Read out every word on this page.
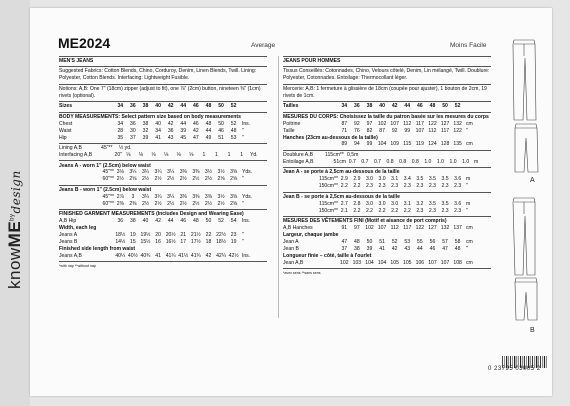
knowME$^{by}$design
ME2024	Average	Moins Facile
MEN'S JEANS
Suggested Fabrics: Cotton Blends, Chino, Corduroy, Denim, Linen Blends, Twill. Lining: Polyester, Cotton Blends. Interfacing: Lightweight Fusible.
Notions: A,B: One 7" (18cm) zipper (adjust to fit), one ⅞" (2cm) button, nineteen ⅜" (1cm) rivets (optional).
Sizes	34	36	38	40	42	44	46	48	50	52
BODY MEASUREMENTS: Select pattern size based on body measurements
Chest	34	36	38	40	42	44	46	48	50	52	Ins.
Waist	28	30	32	34	36	39	42	44	46	48	"
Hip	35	37	39	41	43	45	47	49	51	53	"
Lining A,B	45"**	½ yd.
Interfacing A,B	20" ⅛	⅛	⅛	⅛	⅛	⅛	1	1	1	1	Yd.
Jeans A - worn 1" (2.5cm) below waist
45"** 3⅛	3¼	3¼	3¼	3¼	3⅜	3⅜	3½	3½	3⅝ Yds.
60"** 2½	2⅝	2½	2½	2½	2½	2½	2½	2⅝	2⅝ "
Jeans B - worn 1" (2.5cm) below waist
45"** 2⅞	3	3¼	3¼	3¼	3⅜	3⅜	3⅜	3½	3⅝ Yds.
60"** 2⅜	2⅜	2½	2½	2½	2½	2½	2½	2½	2⅝ "
FINISHED GARMENT MEASUREMENTS (Includes Design and Wearing Ease)
A,B Hip	36	38	40	42	44	46	48	50	52	54	Ins.
Width, each leg
Jeans A	18½ 19 19½ 20 20½ 21 21½ 22 22½ 23	"
Jeans B	14½ 15 15½ 16 16½ 17 17½ 18 18½ 19	"
Finished side length from waist
Jeans A,B	40¼ 40½ 40¾ 41 41¼ 41½ 41¾ 42 42¼ 42½ Ins.
*with nap **without nap
JEANS POUR HOMMES
Tissus Conseillés: Cotonnades, Chino, Velours côtelé, Denim, Lin mélangé, Twill. Doublure: Polyester, Cotonnades. Entoilage: Thermocollant léger.
Mercerie: A,B: 1 fermeture à glissière de 18cm (coupée pour ajuster), 1 bouton de 2cm, 19 rivets de 1cm.
Tailles	34	36	38	40	42	44	46	48	50	52
MESURES DU CORPS: Choisissez la taille du patron basée sur les mesures du corps
Poitrine	87	92	97	102 107 112 117 122 127 132 cm
Taille	71	76	82	87	92	99	107 112 117 122 "
Hanches (23cm au-dessous de la taille)
89	94	99	104 109 115 119 124 128 135 cm
Doublure A,B	115cm** 0,5m
Entoilage A,B	51cm 0.7	0.7	0.7	0.8	0.8	0.8	1.0	1.0	1.0	1.0 m
Jean A - se porte à 2,5cm au-dessous de la taille
115cm** 2.9	2.9	3.0	3.0	3.1	3.4	3.5	3.5	3.5	3.6 m
150cm** 2.2	2.2	2.3	2.3	2.3	2.3	2.3	2.3	2.3	2.3 "
Jean B - se porte à 2,5cm au-dessous de la taille
115cm** 2.7	2.8	3.0	3.0	3.0	3.1	3.2	3.5	3.5	3.6 m
150cm** 2.1	2.2	2.2	2.2	2.2	2.2	2.3	2.3	2.3	2.3 "
MESURES DES VÊTEMENTS FINI (Motif et aisance de port compris)
A,B Hanches	91	97	102 107 112 117 122 127 132 137 cm
Largeur, chaque jambe
Jean A	47	48	50	51	52	53	55	56	57	58	cm
Jean B	37	38	39	41	42	43	44	46	47	48	"
Longueur finie – côté, taille à l'ourlet
Jean A,B	102 103 104 104 105 105 106 107 107 108 cm
*avec sens **sans sens
A
B
0 23795 03005 2
